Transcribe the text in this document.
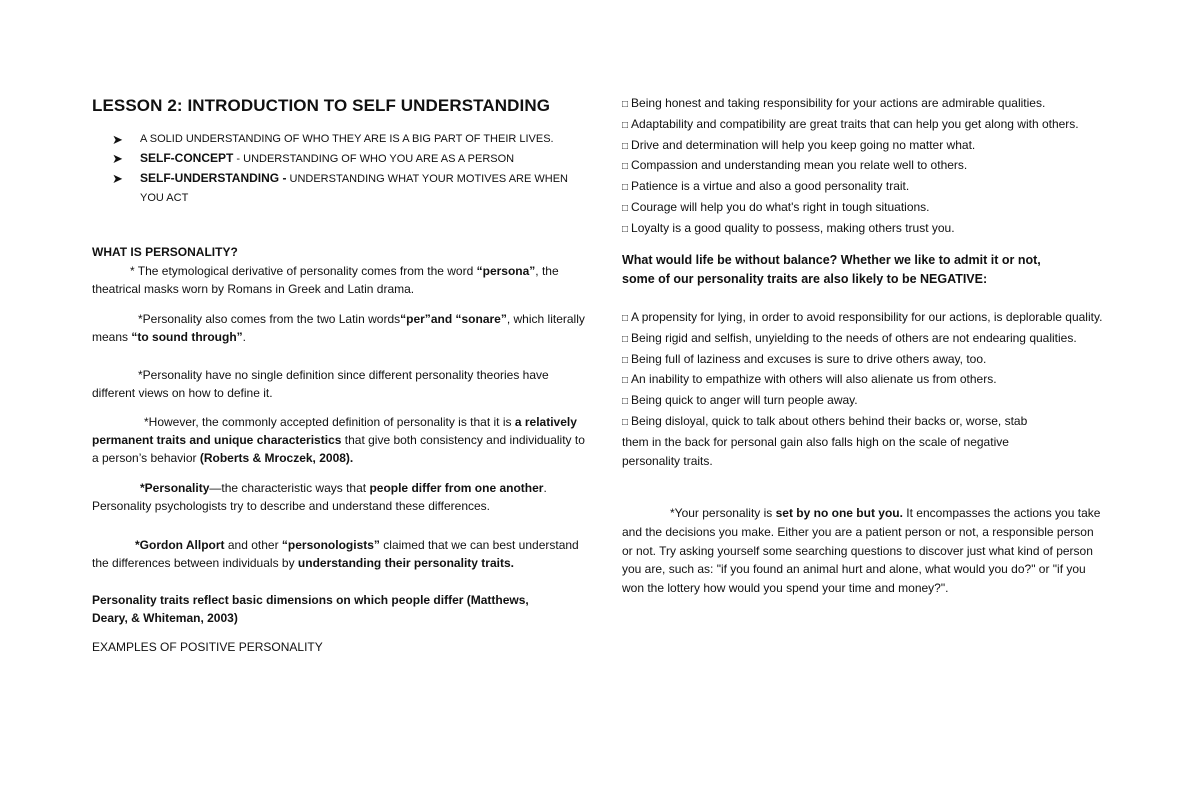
LESSON 2: INTRODUCTION TO SELF UNDERSTANDING
➤ A SOLID UNDERSTANDING OF WHO THEY ARE IS A BIG PART OF THEIR LIVES.
➤ SELF-CONCEPT - UNDERSTANDING OF WHO YOU ARE AS A PERSON
➤ SELF-UNDERSTANDING - UNDERSTANDING WHAT YOUR MOTIVES ARE WHEN YOU ACT
WHAT IS PERSONALITY?
* The etymological derivative of personality comes from the word “persona”, the theatrical masks worn by Romans in Greek and Latin drama.
*Personality also comes from the two Latin words“per”and “sonare”, which literally means “to sound through”.
*Personality have no single definition since different personality theories have different views on how to define it.
*However, the commonly accepted definition of personality is that it is a relatively permanent traits and unique characteristics that give both consistency and individuality to a person’s behavior (Roberts & Mroczek, 2008).
*Personality—the characteristic ways that people differ from one another. Personality psychologists try to describe and understand these differences.
*Gordon Allport and other “personologists” claimed that we can best understand the differences between individuals by understanding their personality traits.
Personality traits reflect basic dimensions on which people differ (Matthews, Deary, & Whiteman, 2003)
EXAMPLES OF POSITIVE PERSONALITY
□ Being honest and taking responsibility for your actions are admirable qualities.
□ Adaptability and compatibility are great traits that can help you get along with others.
□ Drive and determination will help you keep going no matter what.
□ Compassion and understanding mean you relate well to others.
□ Patience is a virtue and also a good personality trait.
□ Courage will help you do what's right in tough situations.
□ Loyalty is a good quality to possess, making others trust you.
What would life be without balance? Whether we like to admit it or not, some of our personality traits are also likely to be NEGATIVE:
□ A propensity for lying, in order to avoid responsibility for our actions, is deplorable quality.
□ Being rigid and selfish, unyielding to the needs of others are not endearing qualities.
□ Being full of laziness and excuses is sure to drive others away, too.
□ An inability to empathize with others will also alienate us from others.
□ Being quick to anger will turn people away.
□ Being disloyal, quick to talk about others behind their backs or, worse, stab them in the back for personal gain also falls high on the scale of negative personality traits.
*Your personality is set by no one but you. It encompasses the actions you take and the decisions you make. Either you are a patient person or not, a responsible person or not. Try asking yourself some searching questions to discover just what kind of person you are, such as: "if you found an animal hurt and alone, what would you do?" or "if you won the lottery how would you spend your time and money?".
